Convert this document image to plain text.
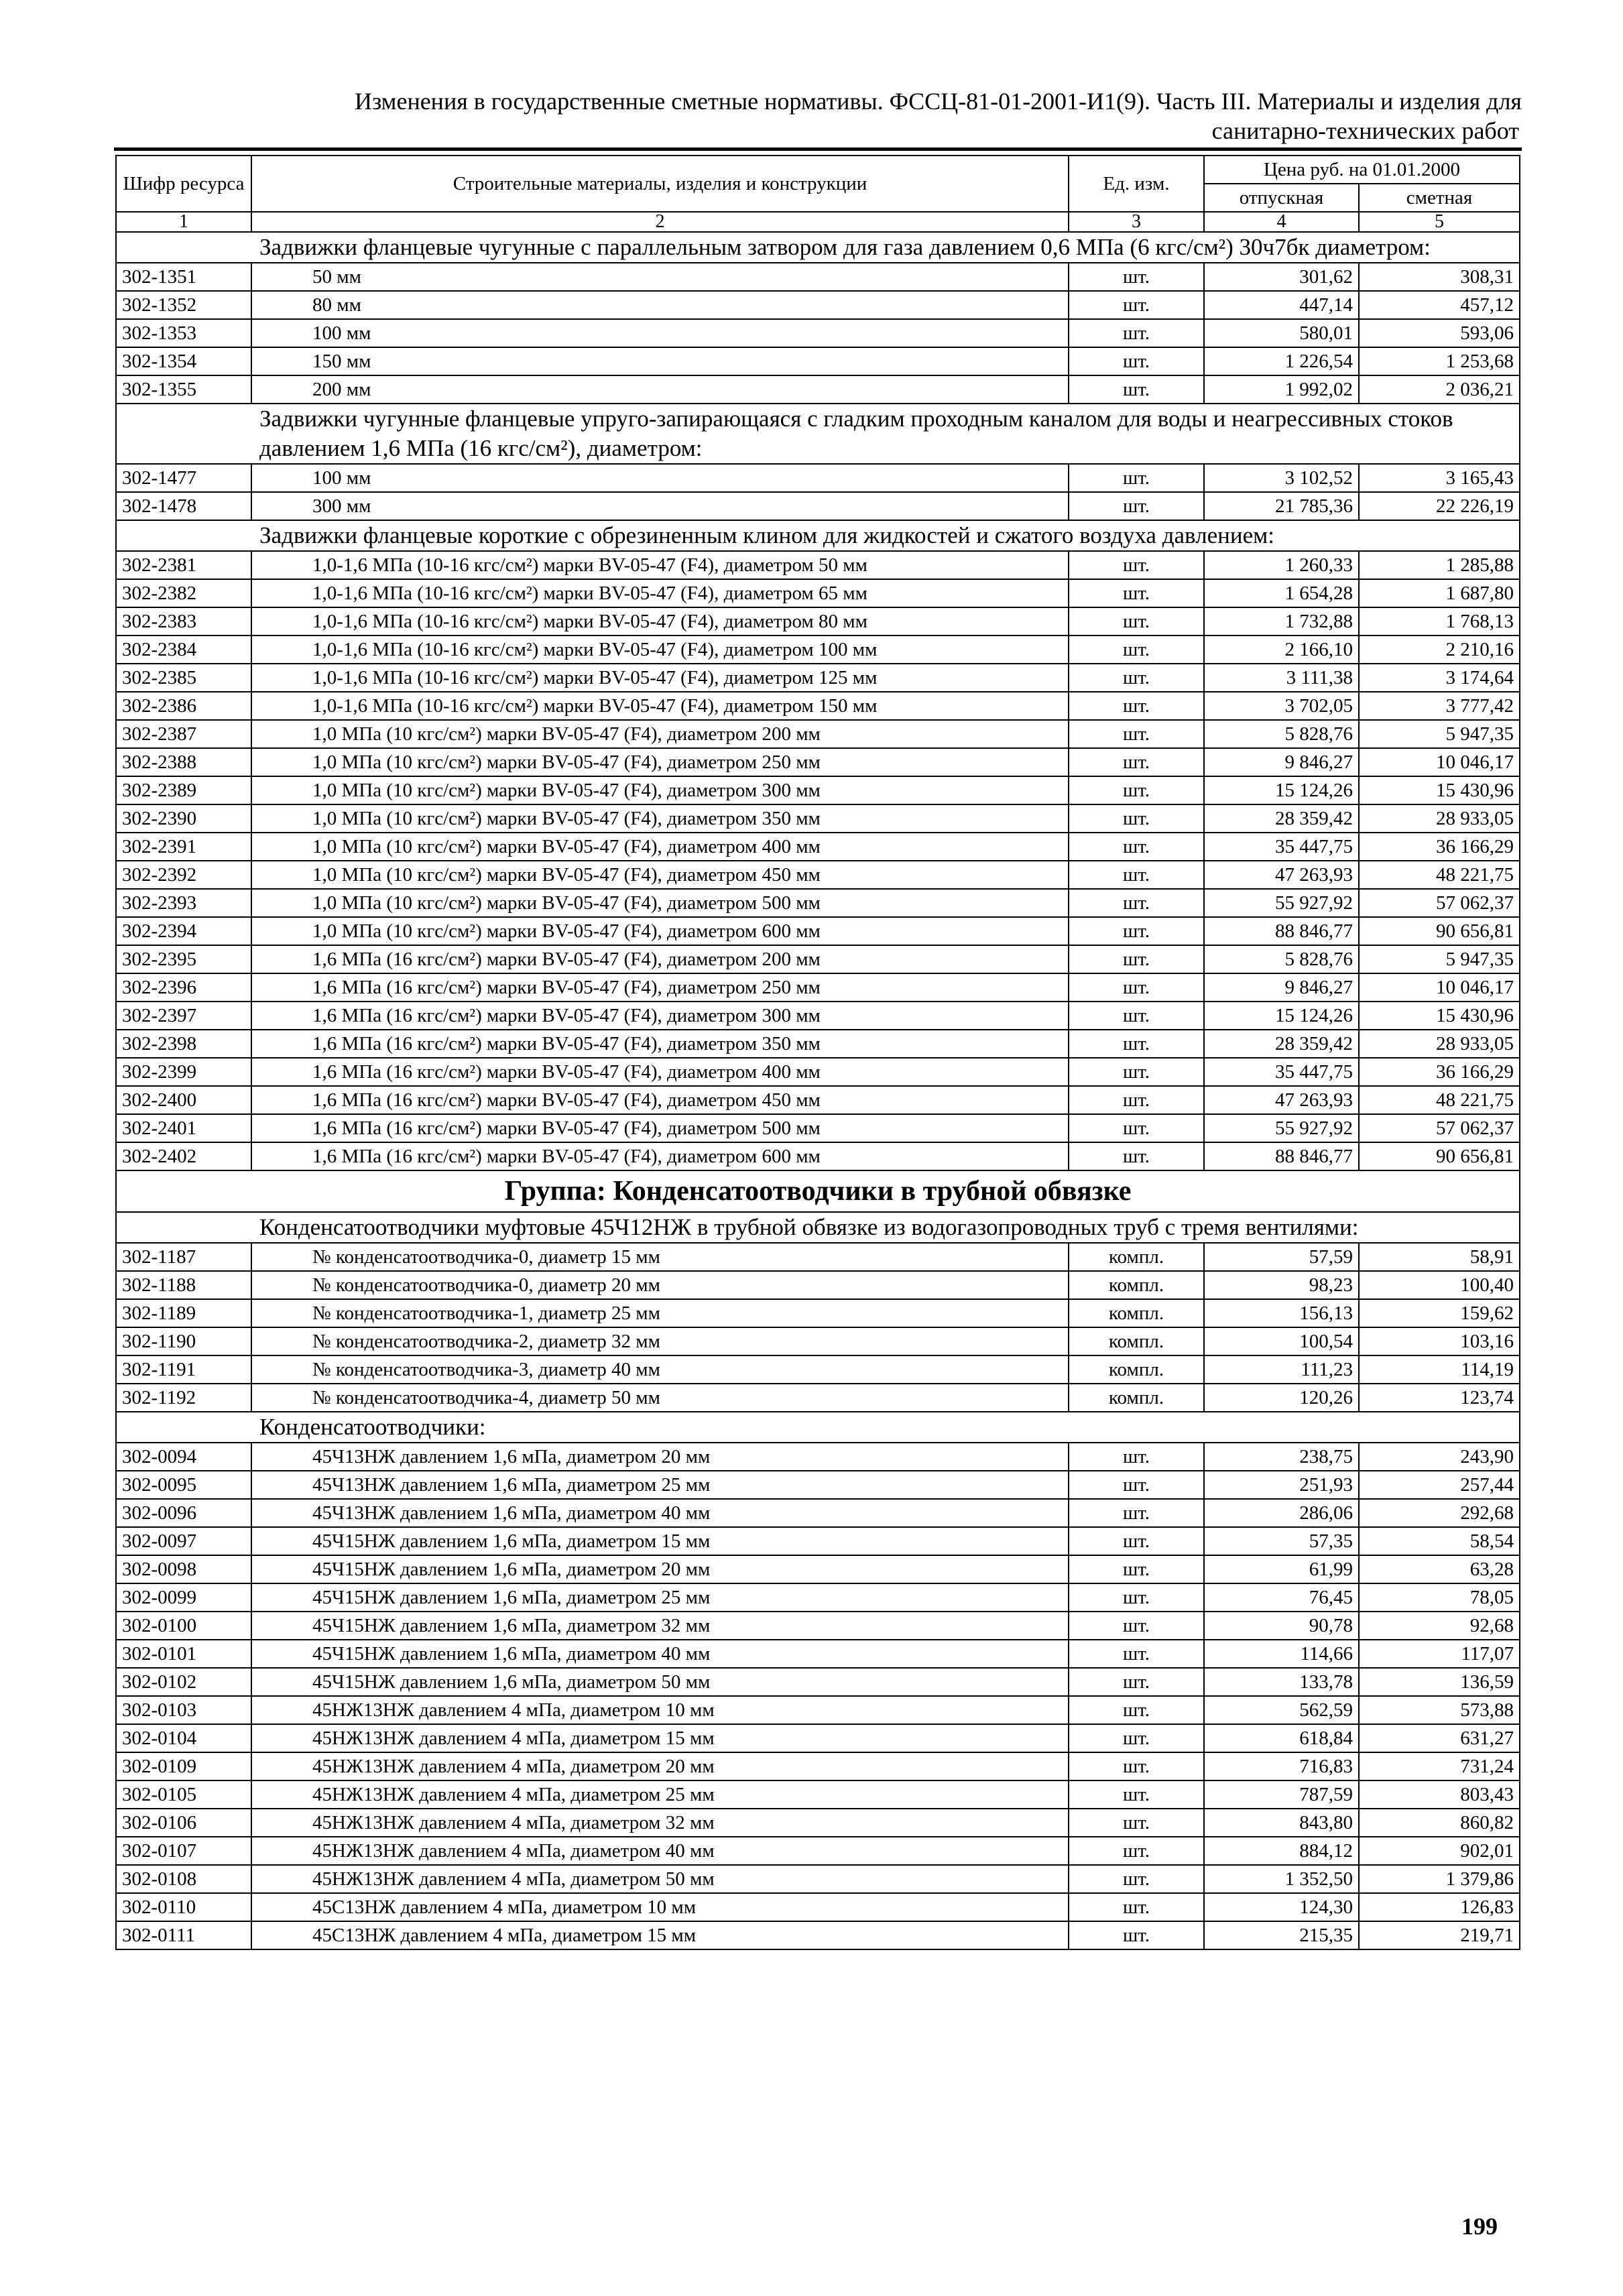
Изменения в государственные сметные нормативы. ФССЦ-81-01-2001-И1(9). Часть III. Материалы и изделия для
санитарно-технических работ
Шифр ресурса	Строительные материалы, изделия и конструкции	Ед. изм.	Цена руб. на 01.01.2000	
			отпускная	сметная
1	2	3	4	5
	Задвижки фланцевые чугунные с параллельным затвором для газа давлением 0,6 МПа (6 кгс/см²) 30ч7бк диаметром:			
302-1351	50 мм	шт.	301,62	308,31
302-1352	80 мм	шт.	447,14	457,12
302-1353	100 мм	шт.	580,01	593,06
302-1354	150 мм	шт.	1 226,54	1 253,68
302-1355	200 мм	шт.	1 992,02	2 036,21
	Задвижки чугунные фланцевые упруго-запирающаяся с гладким проходным каналом для воды и неагрессивных стоков давлением 1,6 МПа (16 кгс/см²), диаметром:			
302-1477	100 мм	шт.	3 102,52	3 165,43
302-1478	300 мм	шт.	21 785,36	22 226,19
	Задвижки фланцевые короткие с обрезиненным клином для жидкостей и сжатого воздуха давлением:			
302-2381	1,0-1,6 МПа (10-16 кгс/см²) марки BV-05-47 (F4), диаметром 50 мм	шт.	1 260,33	1 285,88
302-2382	1,0-1,6 МПа (10-16 кгс/см²) марки BV-05-47 (F4), диаметром 65 мм	шт.	1 654,28	1 687,80
302-2383	1,0-1,6 МПа (10-16 кгс/см²) марки BV-05-47 (F4), диаметром 80 мм	шт.	1 732,88	1 768,13
302-2384	1,0-1,6 МПа (10-16 кгс/см²) марки BV-05-47 (F4), диаметром 100 мм	шт.	2 166,10	2 210,16
302-2385	1,0-1,6 МПа (10-16 кгс/см²) марки BV-05-47 (F4), диаметром 125 мм	шт.	3 111,38	3 174,64
302-2386	1,0-1,6 МПа (10-16 кгс/см²) марки BV-05-47 (F4), диаметром 150 мм	шт.	3 702,05	3 777,42
302-2387	1,0 МПа (10 кгс/см²) марки BV-05-47 (F4), диаметром 200 мм	шт.	5 828,76	5 947,35
302-2388	1,0 МПа (10 кгс/см²) марки BV-05-47 (F4), диаметром 250 мм	шт.	9 846,27	10 046,17
302-2389	1,0 МПа (10 кгс/см²) марки BV-05-47 (F4), диаметром 300 мм	шт.	15 124,26	15 430,96
302-2390	1,0 МПа (10 кгс/см²) марки BV-05-47 (F4), диаметром 350 мм	шт.	28 359,42	28 933,05
302-2391	1,0 МПа (10 кгс/см²) марки BV-05-47 (F4), диаметром 400 мм	шт.	35 447,75	36 166,29
302-2392	1,0 МПа (10 кгс/см²) марки BV-05-47 (F4), диаметром 450 мм	шт.	47 263,93	48 221,75
302-2393	1,0 МПа (10 кгс/см²) марки BV-05-47 (F4), диаметром 500 мм	шт.	55 927,92	57 062,37
302-2394	1,0 МПа (10 кгс/см²) марки BV-05-47 (F4), диаметром 600 мм	шт.	88 846,77	90 656,81
302-2395	1,6 МПа (16 кгс/см²) марки BV-05-47 (F4), диаметром 200 мм	шт.	5 828,76	5 947,35
302-2396	1,6 МПа (16 кгс/см²) марки BV-05-47 (F4), диаметром 250 мм	шт.	9 846,27	10 046,17
302-2397	1,6 МПа (16 кгс/см²) марки BV-05-47 (F4), диаметром 300 мм	шт.	15 124,26	15 430,96
302-2398	1,6 МПа (16 кгс/см²) марки BV-05-47 (F4), диаметром 350 мм	шт.	28 359,42	28 933,05
302-2399	1,6 МПа (16 кгс/см²) марки BV-05-47 (F4), диаметром 400 мм	шт.	35 447,75	36 166,29
302-2400	1,6 МПа (16 кгс/см²) марки BV-05-47 (F4), диаметром 450 мм	шт.	47 263,93	48 221,75
302-2401	1,6 МПа (16 кгс/см²) марки BV-05-47 (F4), диаметром 500 мм	шт.	55 927,92	57 062,37
302-2402	1,6 МПа (16 кгс/см²) марки BV-05-47 (F4), диаметром 600 мм	шт.	88 846,77	90 656,81
Группа: Конденсатоотводчики в трубной обвязке				
	Конденсатоотводчики муфтовые 45Ч12НЖ в трубной обвязке из водогазопроводных труб с тремя вентилями:			
302-1187	№ конденсатоотводчика-0, диаметр 15 мм	компл.	57,59	58,91
302-1188	№ конденсатоотводчика-0, диаметр 20 мм	компл.	98,23	100,40
302-1189	№ конденсатоотводчика-1, диаметр 25 мм	компл.	156,13	159,62
302-1190	№ конденсатоотводчика-2, диаметр 32 мм	компл.	100,54	103,16
302-1191	№ конденсатоотводчика-3, диаметр 40 мм	компл.	111,23	114,19
302-1192	№ конденсатоотводчика-4, диаметр 50 мм	компл.	120,26	123,74
	Конденсатоотводчики:			
302-0094	45Ч13НЖ давлением 1,6 мПа, диаметром 20 мм	шт.	238,75	243,90
302-0095	45Ч13НЖ давлением 1,6 мПа, диаметром 25 мм	шт.	251,93	257,44
302-0096	45Ч13НЖ давлением 1,6 мПа, диаметром 40 мм	шт.	286,06	292,68
302-0097	45Ч15НЖ давлением 1,6 мПа, диаметром 15 мм	шт.	57,35	58,54
302-0098	45Ч15НЖ давлением 1,6 мПа, диаметром 20 мм	шт.	61,99	63,28
302-0099	45Ч15НЖ давлением 1,6 мПа, диаметром 25 мм	шт.	76,45	78,05
302-0100	45Ч15НЖ давлением 1,6 мПа, диаметром 32 мм	шт.	90,78	92,68
302-0101	45Ч15НЖ давлением 1,6 мПа, диаметром 40 мм	шт.	114,66	117,07
302-0102	45Ч15НЖ давлением 1,6 мПа, диаметром 50 мм	шт.	133,78	136,59
302-0103	45НЖ13НЖ давлением 4 мПа, диаметром 10 мм	шт.	562,59	573,88
302-0104	45НЖ13НЖ давлением 4 мПа, диаметром 15 мм	шт.	618,84	631,27
302-0109	45НЖ13НЖ давлением 4 мПа, диаметром 20 мм	шт.	716,83	731,24
302-0105	45НЖ13НЖ давлением 4 мПа, диаметром 25 мм	шт.	787,59	803,43
302-0106	45НЖ13НЖ давлением 4 мПа, диаметром 32 мм	шт.	843,80	860,82
302-0107	45НЖ13НЖ давлением 4 мПа, диаметром 40 мм	шт.	884,12	902,01
302-0108	45НЖ13НЖ давлением 4 мПа, диаметром 50 мм	шт.	1 352,50	1 379,86
302-0110	45С13НЖ давлением 4 мПа, диаметром 10 мм	шт.	124,30	126,83
302-0111	45С13НЖ давлением 4 мПа, диаметром 15 мм	шт.	215,35	219,71
199
